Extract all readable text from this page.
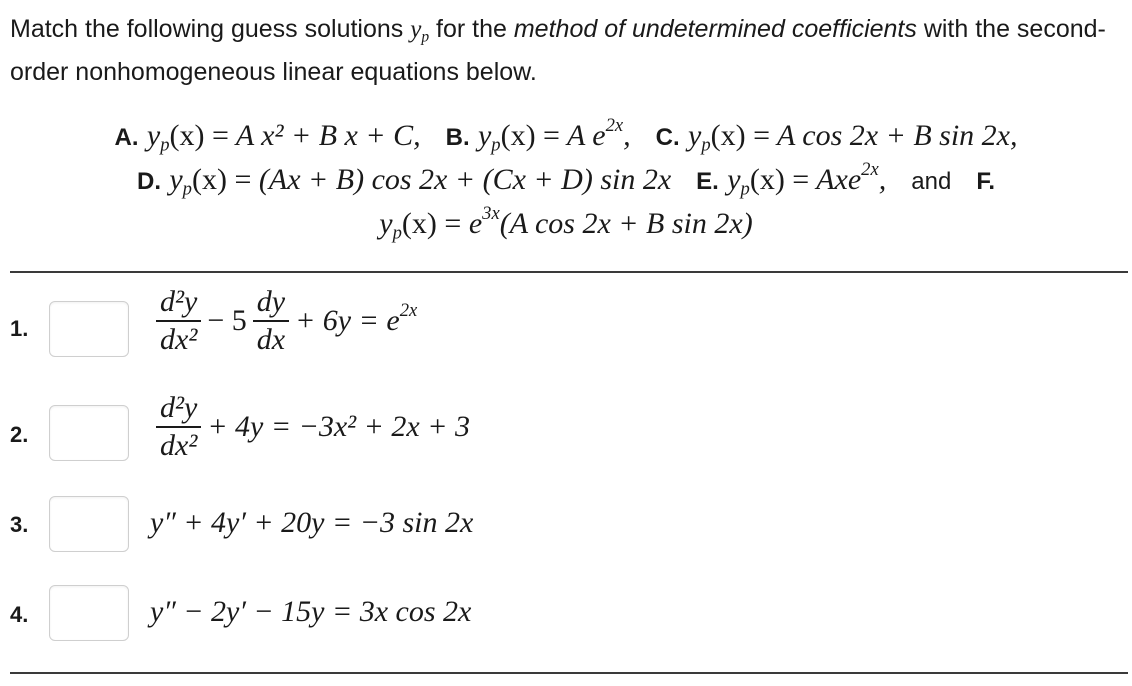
Match the following guess solutions $y_p$ for the method of undetermined coefficients with the second-order nonhomogeneous linear equations below.
A. $y_p(x) = A$ x² + B x + C, B. $y_p(x) = A$ $e^{2x}$, C. $y_p(x) = A$ cos 2x + B sin 2x,
D. $y_p(x) = (Ax + B)$ cos 2x + (Cx + D) sin 2x E. $y_p(x) = Axe^{2x}$, and F.
$y_p(x) = e^{3x}(A$ cos 2x + B sin 2x)
1.	$\frac{\text{d²y}}{\text{dx²}} - 5 \frac{dy}{dx} + 6y = e^{2x}$
2.	$\frac{\text{d²y}}{\text{dx²}} + 4y = -3x^2 + 2x + 3$
3.	y″ + 4y′ + 20y = −3 sin 2x
4.	y″ − 2y′ − 15y = 3x cos 2x
